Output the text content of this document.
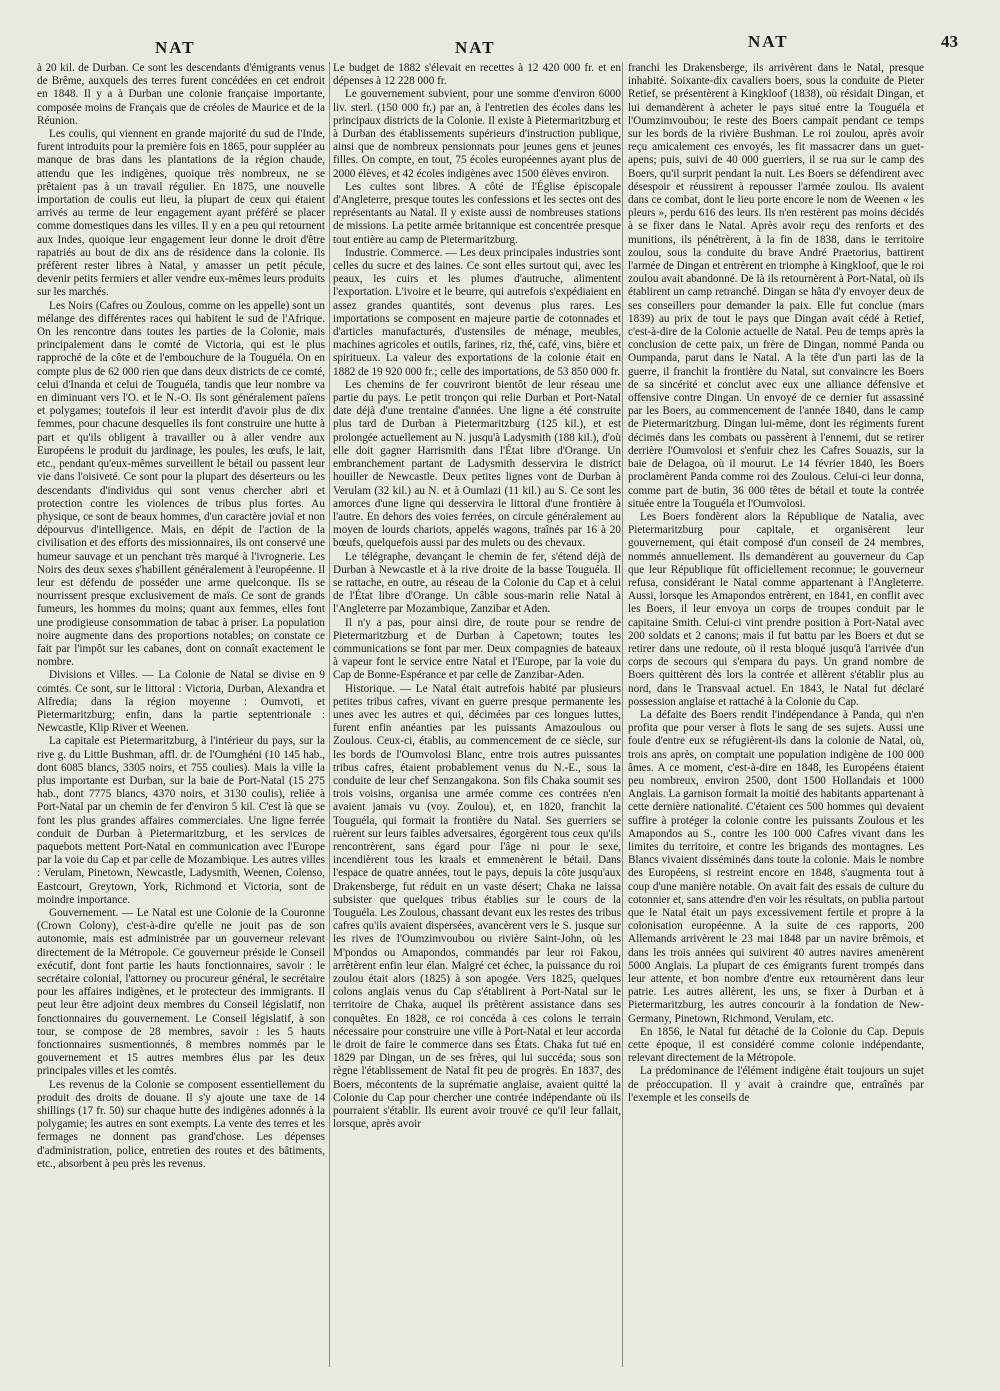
NAT	NAT	NAT	43

à 20 kil. de Durban. Ce sont les descendants d'émigrants venus de Brême, auxquels des terres furent concédées en cet endroit en 1848. Il y a à Durban une colonie française importante, composée moins de Français que de créoles de Maurice et de la Réunion.

Les coulis, qui viennent en grande majorité du sud de l'Inde, furent introduits pour la première fois en 1865, pour suppléer au manque de bras dans les plantations de la région chaude, attendu que les indigènes, quoique très nombreux, ne se prêtaient pas à un travail régulier. En 1875, une nouvelle importation de coulis eut lieu, la plupart de ceux qui étaient arrivés au terme de leur engagement ayant préféré se placer comme domestiques dans les villes. Il y en a peu qui retournent aux Indes, quoique leur engagement leur donne le droit d'être rapatriés au bout de dix ans de résidence dans la colonie. Ils préfèrent rester libres à Natal, y amasser un petit pécule, devenir petits fermiers et aller vendre eux-mêmes leurs produits sur les marchés.

Les Noirs (Cafres ou Zoulous, comme on les appelle) sont un mélange des différentes races qui habitent le sud de l'Afrique. On les rencontre dans toutes les parties de la Colonie, mais principalement dans le comté de Victoria, qui est le plus rapproché de la côte et de l'embouchure de la Touguéla. On en compte plus de 62 000 rien que dans deux districts de ce comté, celui d'Inanda et celui de Touguéla, tandis que leur nombre va en diminuant vers l'O. et le N.-O. Ils sont généralement païens et polygames; toutefois il leur est interdit d'avoir plus de dix femmes, pour chacune desquelles ils font construire une hutte à part et qu'ils obligent à travailler ou à aller vendre aux Européens le produit du jardinage, les poules, les œufs, le lait, etc., pendant qu'eux-mêmes surveillent le bétail ou passent leur vie dans l'oisiveté. Ce sont pour la plupart des déserteurs ou les descendants d'individus qui sont venus chercher abri et protection contre les violences de tribus plus fortes. Au physique, ce sont de beaux hommes, d'un caractère jovial et non dépourvus d'intelligence. Mais, en dépit de l'action de la civilisation et des efforts des missionnaires, ils ont conservé une humeur sauvage et un penchant très marqué à l'ivrognerie. Les Noirs des deux sexes s'habillent généralement à l'européenne. Il leur est défendu de posséder une arme quelconque. Ils se nourrissent presque exclusivement de maïs. Ce sont de grands fumeurs, les hommes du moins; quant aux femmes, elles font une prodigieuse consommation de tabac à priser. La population noire augmente dans des proportions notables; on constate ce fait par l'impôt sur les cabanes, dont on connaît exactement le nombre.

Divisions et Villes. — La Colonie de Natal se divise en 9 comtés. Ce sont, sur le littoral : Victoria, Durban, Alexandra et Alfredia; dans la région moyenne : Oumvoti, et Pietermaritzburg; enfin, dans la partie septentrionale : Newcastle, Klip River et Weenen.

La capitale est Pietermaritzburg, à l'intérieur du pays, sur la rive g. du Little Bushman, affl. dr. de l'Oumghéni (10 145 hab., dont 6085 blancs, 3305 noirs, et 755 coulies). Mais la ville la plus importante est Durban, sur la baie de Port-Natal (15 275 hab., dont 7775 blancs, 4370 noirs, et 3130 coulis), reliée à Port-Natal par un chemin de fer d'environ 5 kil. C'est là que se font les plus grandes affaires commerciales. Une ligne ferrée conduit de Durban à Pietermaritzburg, et les services de paquebots mettent Port-Natal en communication avec l'Europe par la voie du Cap et par celle de Mozambique. Les autres villes : Verulam, Pinetown, Newcastle, Ladysmith, Weenen, Colenso, Eastcourt, Greytown, York, Richmond et Victoria, sont de moindre importance.

Gouvernement. — Le Natal est une Colonie de la Couronne (Crown Colony), c'est-à-dire qu'elle ne jouit pas de son autonomie, mais est administrée par un gouverneur relevant directement de la Métropole. Ce gouverneur préside le Conseil exécutif, dont font partie les hauts fonctionnaires, savoir : le secrétaire colonial, l'attorney ou procureur général, le secrétaire pour les affaires indigènes, et le protecteur des immigrants. Il peut leur être adjoint deux membres du Conseil législatif, non fonctionnaires du gouvernement. Le Conseil législatif, à son tour, se compose de 28 membres, savoir : les 5 hauts fonctionnaires susmentionnés, 8 membres nommés par le gouvernement et 15 autres membres élus par les deux principales villes et les comtés.

Les revenus de la Colonie se composent essentiellement du produit des droits de douane. Il s'y ajoute une taxe de 14 shillings (17 fr. 50) sur chaque hutte des indigènes adonnés à la polygamie; les autres en sont exempts. La vente des terres et les fermages ne donnent pas grand'chose. Les dépenses d'administration, police, entretien des routes et des bâtiments, etc., absorbent à peu près les revenus.

Le budget de 1882 s'élevait en recettes à 12 420 000 fr. et en dépenses à 12 228 000 fr.

Le gouvernement subvient, pour une somme d'environ 6000 liv. sterl. (150 000 fr.) par an, à l'entretien des écoles dans les principaux districts de la Colonie. Il existe à Pietermaritzburg et à Durban des établissements supérieurs d'instruction publique, ainsi que de nombreux pensionnats pour jeunes gens et jeunes filles. On compte, en tout, 75 écoles européennes ayant plus de 2000 élèves, et 42 écoles indigènes avec 1500 élèves environ.

Les cultes sont libres. A côté de l'Église épiscopale d'Angleterre, presque toutes les confessions et les sectes ont des représentants au Natal. Il y existe aussi de nombreuses stations de missions. La petite armée britannique est concentrée presque tout entière au camp de Pietermaritzburg.

Industrie. Commerce. — Les deux principales industries sont celles du sucre et des laines. Ce sont elles surtout qui, avec les peaux, les cuirs et les plumes d'autruche, alimentent l'exportation. L'ivoire et le beurre, qui autrefois s'expédiaient en assez grandes quantités, sont devenus plus rares. Les importations se composent en majeure partie de cotonnades et d'articles manufacturés, d'ustensiles de ménage, meubles, machines agricoles et outils, farines, riz, thé, café, vins, bière et spiritueux. La valeur des exportations de la colonie était en 1882 de 19 920 000 fr.; celle des importations, de 53 850 000 fr.

Les chemins de fer couvriront bientôt de leur réseau une partie du pays. Le petit tronçon qui relie Durban et Port-Natal date déjà d'une trentaine d'années. Une ligne a été construite plus tard de Durban à Pietermaritzburg (125 kil.), et est prolongée actuellement au N. jusqu'à Ladysmith (188 kil.), d'où elle doit gagner Harrismith dans l'État libre d'Orange. Un embranchement partant de Ladysmith desservira le district houiller de Newcastle. Deux petites lignes vont de Durban à Verulam (32 kil.) au N. et à Oumlazi (11 kil.) au S. Ce sont les amorces d'une ligne qui desservira le littoral d'une frontière à l'autre. En dehors des voies ferrées, on circule généralement au moyen de lourds chariots, appelés wagons, traînés par 16 à 20 bœufs, quelquefois aussi par des mulets ou des chevaux.

Le télégraphe, devançant le chemin de fer, s'étend déjà de Durban à Newcastle et à la rive droite de la basse Touguéla. Il se rattache, en outre, au réseau de la Colonie du Cap et à celui de l'État libre d'Orange. Un câble sous-marin relie Natal à l'Angleterre par Mozambique, Zanzibar et Aden.

Il n'y a pas, pour ainsi dire, de route pour se rendre de Pietermaritzburg et de Durban à Capetown; toutes les communications se font par mer. Deux compagnies de bateaux à vapeur font le service entre Natal et l'Europe, par la voie du Cap de Bonne-Espérance et par celle de Zanzibar-Aden.

Historique. — Le Natal était autrefois habité par plusieurs petites tribus cafres, vivant en guerre presque permanente les unes avec les autres et qui, décimées par ces longues luttes, furent enfin anéanties par les puissants Amazoulous ou Zoulous. Ceux-ci, établis, au commencement de ce siècle, sur les bords de l'Oumvolosi Blanc, entre trois autres puissantes tribus cafres, étaient probablement venus du N.-E., sous la conduite de leur chef Senzangakona. Son fils Chaka soumit ses trois voisins, organisa une armée comme ces contrées n'en avaient jamais vu (voy. Zoulou), et, en 1820, franchit la Touguéla, qui formait la frontière du Natal. Ses guerriers se ruèrent sur leurs faibles adversaires, égorgèrent tous ceux qu'ils rencontrèrent, sans égard pour l'âge ni pour le sexe, incendièrent tous les kraals et emmenèrent le bétail. Dans l'espace de quatre années, tout le pays, depuis la côte jusqu'aux Drakensberge, fut réduit en un vaste désert; Chaka ne laissa subsister que quelques tribus établies sur le cours de la Touguéla. Les Zoulous, chassant devant eux les restes des tribus cafres qu'ils avaient dispersées, avancèrent vers le S. jusque sur les rives de l'Oumzimvoubou ou rivière Saint-John, où les M'pondos ou Amapondos, commandés par leur roi Fakou, arrêtèrent enfin leur élan. Malgré cet échec, la puissance du roi zoulou était alors (1825) à son apogée. Vers 1825, quelques colons anglais venus du Cap s'établirent à Port-Natal sur le territoire de Chaka, auquel ils prêtèrent assistance dans ses conquêtes. En 1828, ce roi concéda à ces colons le terrain nécessaire pour construire une ville à Port-Natal et leur accorda le droit de faire le commerce dans ses États. Chaka fut tué en 1829 par Dingan, un de ses frères, qui lui succéda; sous son règne l'établissement de Natal fit peu de progrès. En 1837, des Boers, mécontents de la suprématie anglaise, avaient quitté la Colonie du Cap pour chercher une contrée indépendante où ils pourraient s'établir. Ils eurent avoir trouvé ce qu'il leur fallait, lorsque, après avoir

franchi les Drakensberge, ils arrivèrent dans le Natal, presque inhabité. Soixante-dix cavaliers boers, sous la conduite de Pieter Retief, se présentèrent à Kingkloof (1838), où résidait Dingan, et lui demandèrent à acheter le pays situé entre la Touguéla et l'Oumzimvoubou; le reste des Boers campait pendant ce temps sur les bords de la rivière Bushman. Le roi zoulou, après avoir reçu amicalement ces envoyés, les fit massacrer dans un guet-apens; puis, suivi de 40 000 guerriers, il se rua sur le camp des Boers, qu'il surprit pendant la nuit. Les Boers se défendirent avec désespoir et réussirent à repousser l'armée zoulou. Ils avaient dans ce combat, dont le lieu porte encore le nom de Weenen « les pleurs », perdu 616 des leurs. Ils n'en restèrent pas moins décidés à se fixer dans le Natal. Après avoir reçu des renforts et des munitions, ils pénétrèrent, à la fin de 1838, dans le territoire zoulou, sous la conduite du brave André Praetorius, battirent l'armée de Dingan et entrèrent en triomphe à Kingkloof, que le roi zoulou avait abandonné. De là ils retournèrent à Port-Natal, où ils établirent un camp retranché. Dingan se hâta d'y envoyer deux de ses conseillers pour demander la paix. Elle fut conclue (mars 1839) au prix de tout le pays que Dingan avait cédé à Retief, c'est-à-dire de la Colonie actuelle de Natal. Peu de temps après la conclusion de cette paix, un frère de Dingan, nommé Panda ou Oumpanda, parut dans le Natal. A la tête d'un parti las de la guerre, il franchit la frontière du Natal, sut convaincre les Boers de sa sincérité et conclut avec eux une alliance défensive et offensive contre Dingan. Un envoyé de ce dernier fut assassiné par les Boers, au commencement de l'année 1840, dans le camp de Pietermaritzburg. Dingan lui-même, dont les régiments furent décimés dans les combats ou passèrent à l'ennemi, dut se retirer derrière l'Oumvolosi et s'enfuir chez les Cafres Souazis, sur la baie de Delagoa, où il mourut. Le 14 février 1840, les Boers proclamèrent Panda comme roi des Zoulous. Celui-ci leur donna, comme part de butin, 36 000 têtes de bétail et toute la contrée située entre la Touguéla et l'Oumvolosi.

Les Boers fondèrent alors la République de Natalia, avec Pietermaritzburg pour capitale, et organisèrent leur gouvernement, qui était composé d'un conseil de 24 membres, nommés annuellement. Ils demandèrent au gouverneur du Cap que leur République fût officiellement reconnue; le gouverneur refusa, considérant le Natal comme appartenant à l'Angleterre. Aussi, lorsque les Amapondos entrèrent, en 1841, en conflit avec les Boers, il leur envoya un corps de troupes conduit par le capitaine Smith. Celui-ci vint prendre position à Port-Natal avec 200 soldats et 2 canons; mais il fut battu par les Boers et dut se retirer dans une redoute, où il resta bloqué jusqu'à l'arrivée d'un corps de secours qui s'empara du pays. Un grand nombre de Boers quittèrent dès lors la contrée et allèrent s'établir plus au nord, dans le Transvaal actuel. En 1843, le Natal fut déclaré possession anglaise et rattaché à la Colonie du Cap.

La défaite des Boers rendit l'indépendance à Panda, qui n'en profita que pour verser à flots le sang de ses sujets. Aussi une foule d'entre eux se réfugièrent-ils dans la colonie de Natal, où, trois ans après, on comptait une population indigène de 100 000 âmes. A ce moment, c'est-à-dire en 1848, les Européens étaient peu nombreux, environ 2500, dont 1500 Hollandais et 1000 Anglais. La garnison formait la moitié des habitants appartenant à cette dernière nationalité. C'étaient ces 500 hommes qui devaient suffire à protéger la colonie contre les puissants Zoulous et les Amapondos au S., contre les 100 000 Cafres vivant dans les limites du territoire, et contre les brigands des montagnes. Les Blancs vivaient disséminés dans toute la colonie. Mais le nombre des Européens, si restreint encore en 1848, s'augmenta tout à coup d'une manière notable. On avait fait des essais de culture du cotonnier et, sans attendre d'en voir les résultats, on publia partout que le Natal était un pays excessivement fertile et propre à la colonisation européenne. A la suite de ces rapports, 200 Allemands arrivèrent le 23 mai 1848 par un navire brêmois, et dans les trois années qui suivirent 40 autres navires amenèrent 5000 Anglais. La plupart de ces émigrants furent trompés dans leur attente, et bon nombre d'entre eux retournèrent dans leur patrie. Les autres allèrent, les uns, se fixer à Durban et à Pietermaritzburg, les autres concourir à la fondation de New-Germany, Pinetown, Richmond, Verulam, etc.

En 1856, le Natal fut détaché de la Colonie du Cap. Depuis cette époque, il est considéré comme colonie indépendante, relevant directement de la Métropole.

La prédominance de l'élément indigène était toujours un sujet de préoccupation. Il y avait à craindre que, entraînés par l'exemple et les conseils de
